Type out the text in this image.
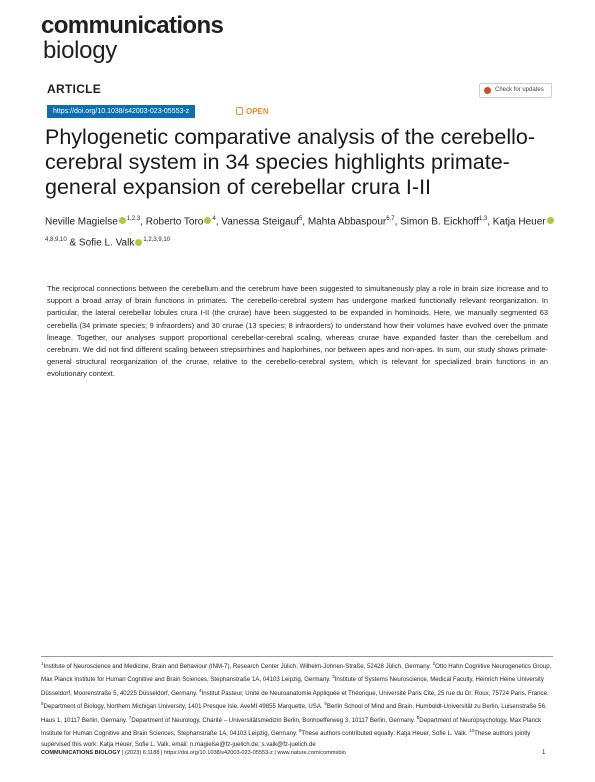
communications
biology
ARTICLE
https://doi.org/10.1038/s42003-023-05553-z	OPEN
Check for updates
Phylogenetic comparative analysis of the cerebello-cerebral system in 34 species highlights primate-general expansion of cerebellar crura I-II
Neville Magielse $^{1,2,3}$, Roberto Toro $^4$, Vanessa Steigauf$^5$, Mahta Abbaspour$^{6,7}$, Simon B. Eickhoff$^{1,3}$, Katja Heuer$^{4,8,9,10}$ & Sofie L. Valk $^{1,2,3,9,10}$
The reciprocal connections between the cerebellum and the cerebrum have been suggested to simultaneously play a role in brain size increase and to support a broad array of brain functions in primates. The cerebello-cerebral system has undergone marked functionally relevant reorganization. In particular, the lateral cerebellar lobules crura I-II (the crurae) have been suggested to be expanded in hominoids. Here, we manually segmented 63 cerebella (34 primate species; 9 infraorders) and 30 crurae (13 species; 8 infraorders) to understand how their volumes have evolved over the primate lineage. Together, our analyses support proportional cerebellar-cerebral scaling, whereas crurae have expanded faster than the cerebellum and cerebrum. We did not find different scaling between strepsirrhines and haplorhines, nor between apes and non-apes. In sum, our study shows primate-general structural reorganization of the crurae, relative to the cerebello-cerebral system, which is relevant for specialized brain functions in an evolutionary context.
$^1$Institute of Neuroscience and Medicine, Brain and Behaviour (INM-7), Research Center Jülich, Wilhelm-Johnen-Straße, 52428 Jülich, Germany. $^2$Otto Hahn Cognitive Neurogenetics Group, Max Planck Institute for Human Cognitive and Brain Sciences, Stephanstraße 1A, 04103 Leipzig, Germany. $^3$Institute of Systems Neuroscience, Medical Faculty, Heinrich Heine University Düsseldorf, Moorenstraße 5, 40225 Düsseldorf, Germany. $^4$Institut Pasteur, Unité de Neuroanatomie Appliquée et Théorique, Université Paris Cité, 25 rue du Dr. Roux, 75724 Paris, France. $^5$Department of Biology, Northern Michigan University, 1401 Presque Isle, AveMI 49855 Marquette, USA. $^6$Berlin School of Mind and Brain, Humboldt-Universität zu Berlin, Luisenstraße 56, Haus 1, 10117 Berlin, Germany. $^7$Department of Neurology, Charité – Universitätsmedizin Berlin, Bonhoefferweg 3, 10117 Berlin, Germany. $^8$Department of Neuropsychology, Max Planck Institute for Human Cognitive and Brain Sciences, Stephanstraße 1A, 04103 Leipzig, Germany. $^9$These authors contributed equally: Katja Heuer, Sofie L. Valk. $^{10}$These authors jointly supervised this work: Katja Heuer, Sofie L. Valk. email: n.magielse@fz-juelich.de; s.valk@fz-juelich.de
COMMUNICATIONS BIOLOGY | (2023) 6:1188 | https://doi.org/10.1038/s42003-023-05553-z | www.nature.com/commsbio	1
